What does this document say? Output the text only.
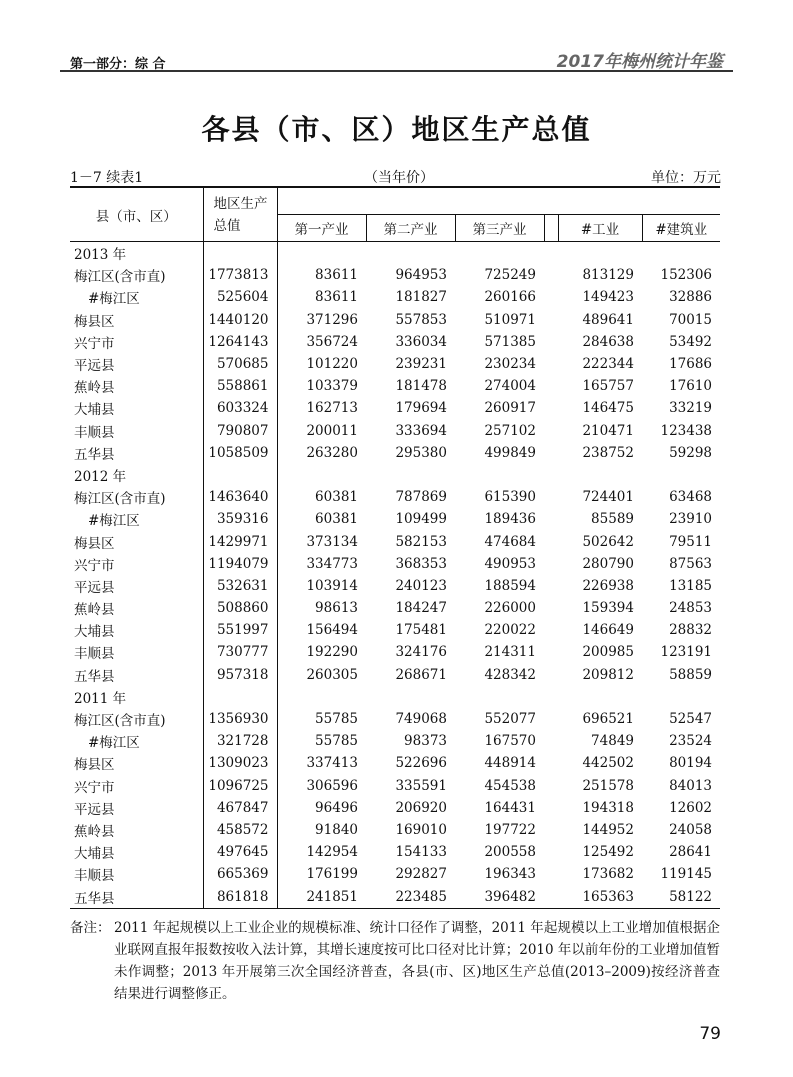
第一部分：综 合	2017年梅州统计年鉴
各县（市、区）地区生产总值
1－7 续表1	（当年价）	单位：万元
县（市、区）	地区生产
总值						

		第一产业	第二产业	第三产业		#工业	#建筑业
2013 年							
梅江区(含市直)	1773813	83611	964953	725249		813129	152306
#梅江区	525604	83611	181827	260166		149423	32886
梅县区	1440120	371296	557853	510971		489641	70015
兴宁市	1264143	356724	336034	571385		284638	53492
平远县	570685	101220	239231	230234		222344	17686
蕉岭县	558861	103379	181478	274004		165757	17610
大埔县	603324	162713	179694	260917		146475	33219
丰顺县	790807	200011	333694	257102		210471	123438
五华县	1058509	263280	295380	499849		238752	59298
2012 年							
梅江区(含市直)	1463640	60381	787869	615390		724401	63468
#梅江区	359316	60381	109499	189436		85589	23910
梅县区	1429971	373134	582153	474684		502642	79511
兴宁市	1194079	334773	368353	490953		280790	87563
平远县	532631	103914	240123	188594		226938	13185
蕉岭县	508860	98613	184247	226000		159394	24853
大埔县	551997	156494	175481	220022		146649	28832
丰顺县	730777	192290	324176	214311		200985	123191
五华县	957318	260305	268671	428342		209812	58859
2011 年							
梅江区(含市直)	1356930	55785	749068	552077		696521	52547
#梅江区	321728	55785	98373	167570		74849	23524
梅县区	1309023	337413	522696	448914		442502	80194
兴宁市	1096725	306596	335591	454538		251578	84013
平远县	467847	96496	206920	164431		194318	12602
蕉岭县	458572	91840	169010	197722		144952	24058
大埔县	497645	142954	154133	200558		125492	28641
丰顺县	665369	176199	292827	196343		173682	119145
五华县	861818	241851	223485	396482		165363	58122
备注： 2011 年起规模以上工业企业的规模标准、统计口径作了调整，2011 年起规模以上工业增加值根据企业联网直报年报数按收入法计算，其增长速度按可比口径对比计算；2010 年以前年份的工业增加值暂未作调整；2013 年开展第三次全国经济普查，各县(市、区)地区生产总值(2013–2009)按经济普查结果进行调整修正。
79
